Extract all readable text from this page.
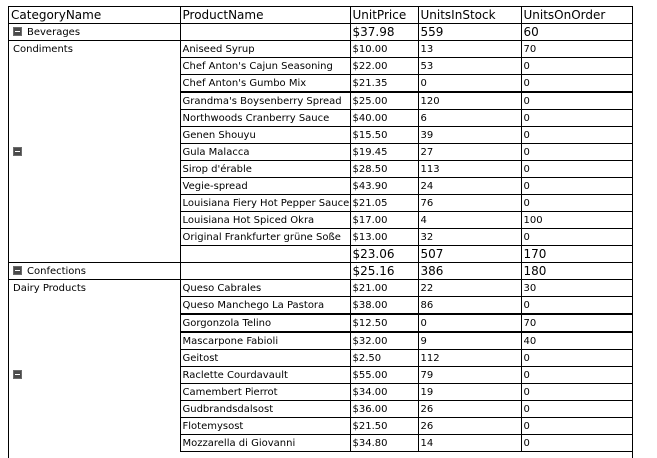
CategoryName	ProductName	UnitPrice	UnitsInStock	UnitsOnOrder
Beverages		$37.98	559	60
Condiments	Aniseed Syrup	$10.00	13	70
	Chef Anton's Cajun Seasoning	$22.00	53	0
	Chef Anton's Gumbo Mix	$21.35	0	0
	Grandma's Boysenberry Spread	$25.00	120	0
	Northwoods Cranberry Sauce	$40.00	6	0
	Genen Shouyu	$15.50	39	0
	Gula Malacca	$19.45	27	0
	Sirop d'érable	$28.50	113	0
	Vegie-spread	$43.90	24	0
	Louisiana Fiery Hot Pepper Sauce	$21.05	76	0
	Louisiana Hot Spiced Okra	$17.00	4	100
	Original Frankfurter grüne Soße	$13.00	32	0
		$23.06	507	170
Confections		$25.16	386	180
Dairy Products	Queso Cabrales	$21.00	22	30
	Queso Manchego La Pastora	$38.00	86	0
	Gorgonzola Telino	$12.50	0	70
	Mascarpone Fabioli	$32.00	9	40
	Geitost	$2.50	112	0
	Raclette Courdavault	$55.00	79	0
	Camembert Pierrot	$34.00	19	0
	Gudbrandsdalsost	$36.00	26	0
	Flotemysost	$21.50	26	0
	Mozzarella di Giovanni	$34.80	14	0
